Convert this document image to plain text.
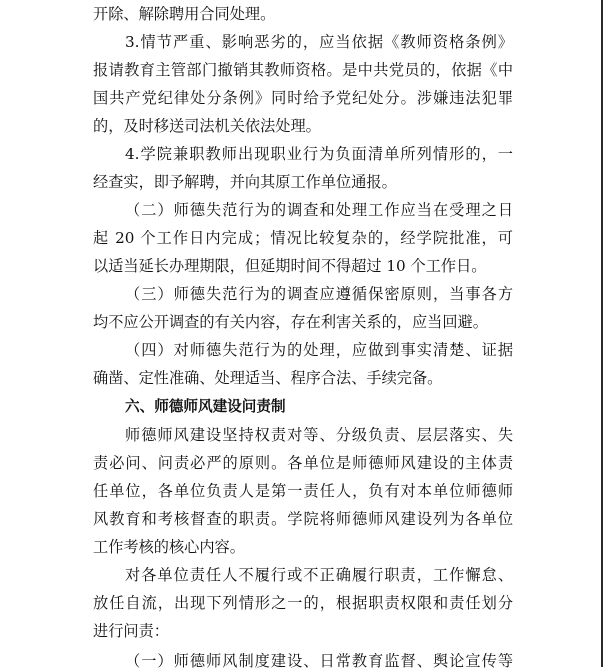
开除、解除聘用合同处理。
3.情节严重、影响恶劣的，应当依据《教师资格条例》
报请教育主管部门撤销其教师资格。是中共党员的，依据《中
国共产党纪律处分条例》同时给予党纪处分。涉嫌违法犯罪
的，及时移送司法机关依法处理。
4.学院兼职教师出现职业行为负面清单所列情形的，一
经查实，即予解聘，并向其原工作单位通报。
（二）师德失范行为的调查和处理工作应当在受理之日
起 20 个工作日内完成；情况比较复杂的，经学院批准，可
以适当延长办理期限，但延期时间不得超过 10 个工作日。
（三）师德失范行为的调查应遵循保密原则，当事各方
均不应公开调查的有关内容，存在利害关系的，应当回避。
（四）对师德失范行为的处理，应做到事实清楚、证据
确凿、定性准确、处理适当、程序合法、手续完备。
六、师德师风建设问责制
师德师风建设坚持权责对等、分级负责、层层落实、失
责必问、问责必严的原则。各单位是师德师风建设的主体责
任单位，各单位负责人是第一责任人，负有对本单位师德师
风教育和考核督查的职责。学院将师德师风建设列为各单位
工作考核的核心内容。
对各单位责任人不履行或不正确履行职责，工作懈怠、
放任自流，出现下列情形之一的，根据职责权限和责任划分
进行问责：
（一）师德师风制度建设、日常教育监督、舆论宣传等
